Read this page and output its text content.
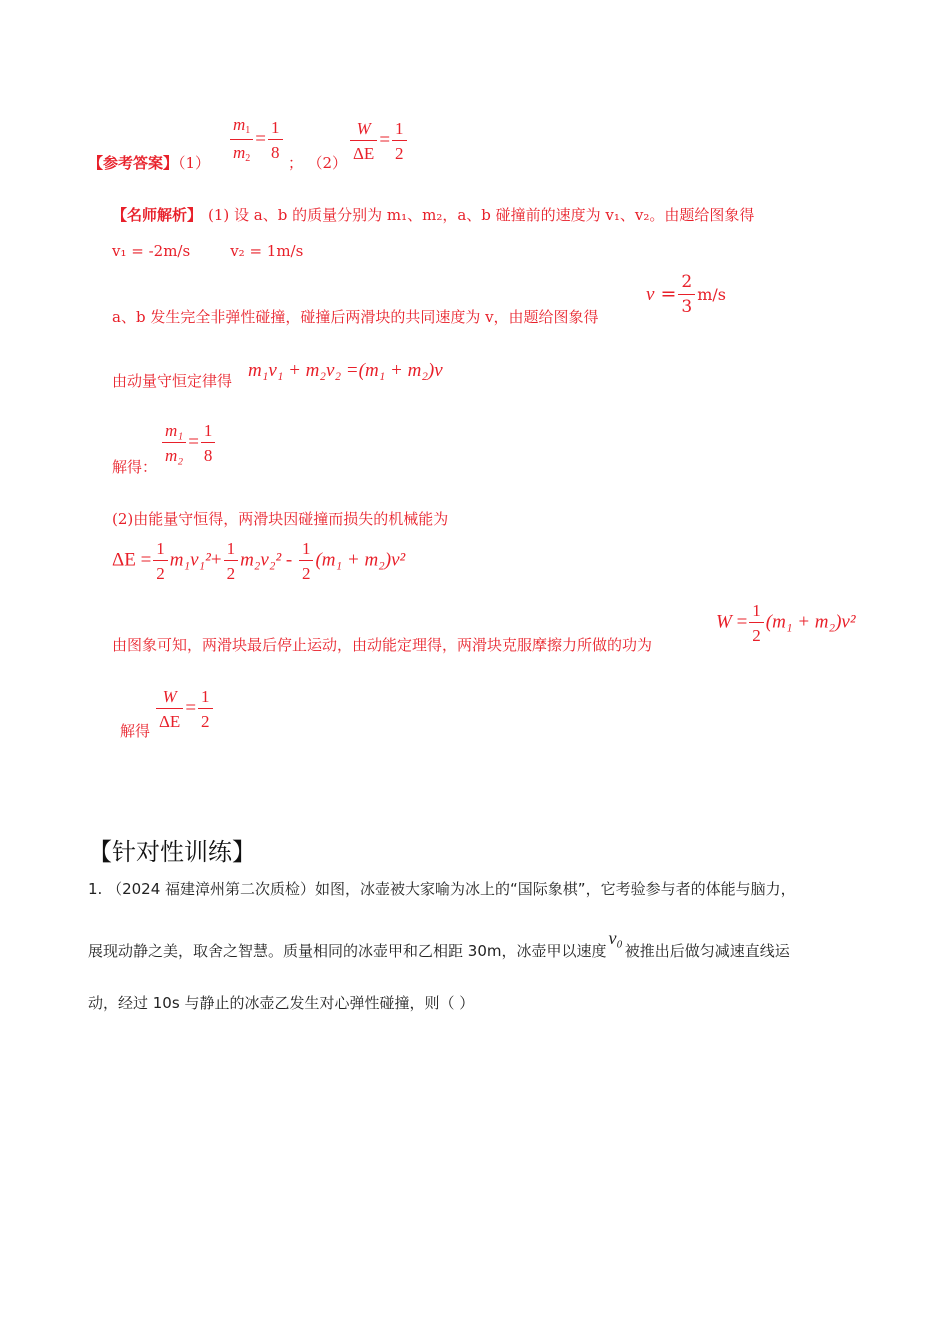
【参考答案】$(1) \frac{m_1}{m_2} = \frac{1}{8}$
； （2）
$\frac{W}{\Delta E} = \frac{1}{2}$
【名师解析】 (1) 设 a、b 的质量分别为 m₁、m₂，a、b 碰撞前的速度为 v₁、v₂。由题给图象得
v₁ = -2m/s	v₂ = 1m/s
a、b 发生完全非弹性碰撞，碰撞后两滑块的共同速度为 v，由题给图象得
$v = \frac{2}{3} m/s$
由动量守恒定律得 m₁v₁ + m₂v₂ =(m₁ + m₂)v
解得：
$\frac{\text{m₁}}{\text{m₂}} = \frac{1}{8}$
(2)由能量守恒得，两滑块因碰撞而损失的机械能为
$\Delta E = \frac{1}{2} m_1v_1^2+ \frac{1}{2} m_2v_2^2 - \frac{1}{2} (m_1 + m_2)v^2$
由图象可知，两滑块最后停止运动，由动能定理得，两滑块克服摩擦力所做的功为
$W = \frac{1}{2} (m_1 + m_2)v^2$
解得
$\frac{W}{\Delta E} = \frac{1}{2}$
【针对性训练】
1. （2024 福建漳州第二次质检）如图，冰壶被大家喻为冰上的“国际象棋”，它考验参与者的体能与脑力，
展现动静之美，取舍之智慧。质量相同的冰壶甲和乙相距 30m，冰壶甲以速度v₀被推出后做匀减速直线运
动，经过 10s 与静止的冰壶乙发生对心弹性碰撞，则（ ）
